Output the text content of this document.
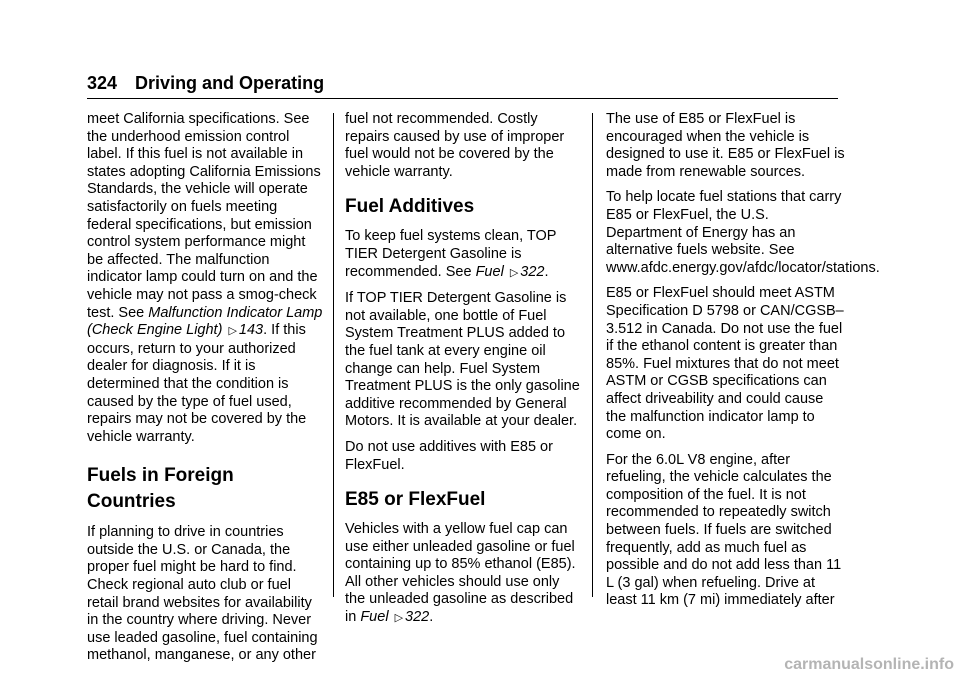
324 Driving and Operating

meet California specifications. See the underhood emission control label. If this fuel is not available in states adopting California Emissions Standards, the vehicle will operate satisfactorily on fuels meeting federal specifications, but emission control system performance might be affected. The malfunction indicator lamp could turn on and the vehicle may not pass a smog-check test. See Malfunction Indicator Lamp (Check Engine Light) ▷ 143. If this occurs, return to your authorized dealer for diagnosis. If it is determined that the condition is caused by the type of fuel used, repairs may not be covered by the vehicle warranty.

Fuels in Foreign Countries

If planning to drive in countries outside the U.S. or Canada, the proper fuel might be hard to find. Check regional auto club or fuel retail brand websites for availability in the country where driving. Never use leaded gasoline, fuel containing methanol, manganese, or any other

fuel not recommended. Costly repairs caused by use of improper fuel would not be covered by the vehicle warranty.

Fuel Additives

To keep fuel systems clean, TOP TIER Detergent Gasoline is recommended. See Fuel ▷ 322.

If TOP TIER Detergent Gasoline is not available, one bottle of Fuel System Treatment PLUS added to the fuel tank at every engine oil change can help. Fuel System Treatment PLUS is the only gasoline additive recommended by General Motors. It is available at your dealer.

Do not use additives with E85 or FlexFuel.

E85 or FlexFuel

Vehicles with a yellow fuel cap can use either unleaded gasoline or fuel containing up to 85% ethanol (E85). All other vehicles should use only the unleaded gasoline as described in Fuel ▷ 322.

The use of E85 or FlexFuel is encouraged when the vehicle is designed to use it. E85 or FlexFuel is made from renewable sources.

To help locate fuel stations that carry E85 or FlexFuel, the U.S. Department of Energy has an alternative fuels website. See www.afdc.energy.gov/afdc/locator/stations.

E85 or FlexFuel should meet ASTM Specification D 5798 or CAN/CGSB–3.512 in Canada. Do not use the fuel if the ethanol content is greater than 85%. Fuel mixtures that do not meet ASTM or CGSB specifications can affect driveability and could cause the malfunction indicator lamp to come on.

For the 6.0L V8 engine, after refueling, the vehicle calculates the composition of the fuel. It is not recommended to repeatedly switch between fuels. If fuels are switched frequently, add as much fuel as possible and do not add less than 11 L (3 gal) when refueling. Drive at least 11 km (7 mi) immediately after

carmanualsonline.info
